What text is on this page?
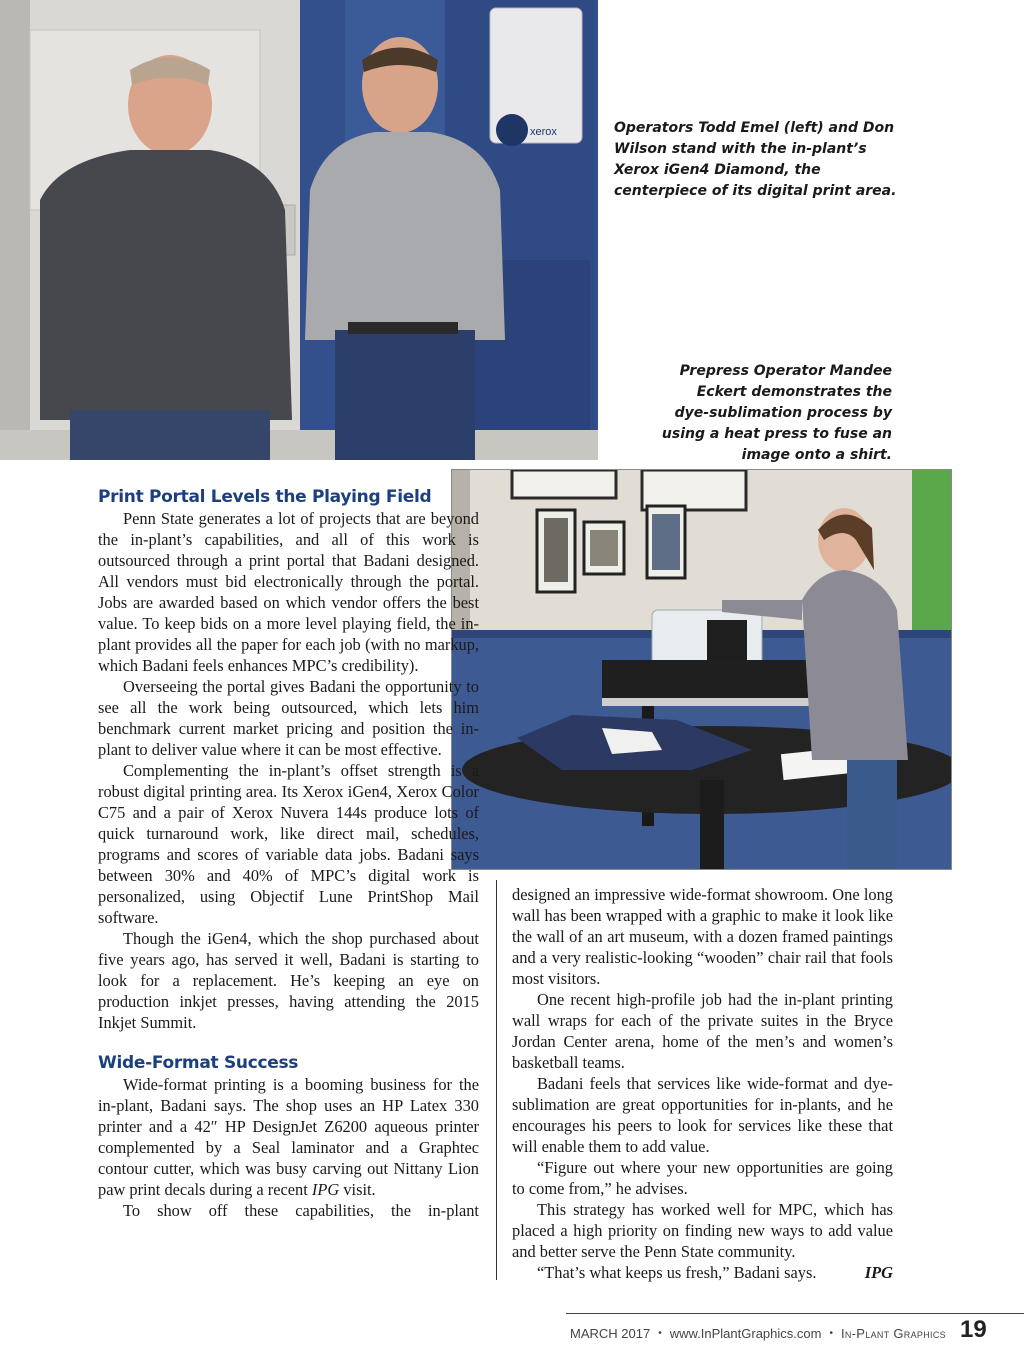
xerox	Operators Todd Emel (left) and Don Wilson stand with the in-plant’s Xerox iGen4 Diamond, the centerpiece of its digital print area.
Prepress Operator Mandee Eckert demonstrates the dye-sublimation process by using a heat press to fuse an image onto a shirt.
Print Portal Levels the Playing Field

Penn State generates a lot of projects that are beyond the in-plant’s capabilities, and all of this work is outsourced through a print portal that Badani designed. All vendors must bid electronically through the portal. Jobs are awarded based on which vendor offers the best value. To keep bids on a more level playing field, the in-plant provides all the paper for each job (with no markup, which Badani feels enhances MPC’s credibility).

Overseeing the portal gives Badani the opportunity to see all the work being outsourced, which lets him benchmark current market pricing and position the in-plant to deliver value where it can be most effective.

Complementing the in-plant’s offset strength is a robust digital printing area. Its Xerox iGen4, Xerox Color C75 and a pair of Xerox Nuvera 144s produce lots of quick turnaround work, like direct mail, schedules, programs and scores of variable data jobs. Badani says between 30% and 40% of MPC’s digital work is personalized, using Objectif Lune PrintShop Mail software.

Though the iGen4, which the shop purchased about five years ago, has served it well, Badani is starting to look for a replacement. He’s keeping an eye on production inkjet presses, having attending the 2015 Inkjet Summit.

Wide-Format Success

Wide-format printing is a booming business for the in-plant, Badani says. The shop uses an HP Latex 330 printer and a 42″ HP DesignJet Z6200 aqueous printer complemented by a Seal laminator and a Graphtec contour cutter, which was busy carving out Nittany Lion paw print decals during a recent IPG visit.

To show off these capabilities, the in-plant

designed an impressive wide-format showroom. One long wall has been wrapped with a graphic to make it look like the wall of an art museum, with a dozen framed paintings and a very realistic-looking “wooden” chair rail that fools most visitors.

One recent high-profile job had the in-plant printing wall wraps for each of the private suites in the Bryce Jordan Center arena, home of the men’s and women’s basketball teams.

Badani feels that services like wide-format and dye-sublimation are great opportunities for in-plants, and he encourages his peers to look for services like these that will enable them to add value.

“Figure out where your new opportunities are going to come from,” he advises.

This strategy has worked well for MPC, which has placed a high priority on finding new ways to add value and better serve the Penn State community.

“That’s what keeps us fresh,” Badani says.	IPG

MARCH 2017 • www.InPlantGraphics.com • In-Plant Graphics 19
